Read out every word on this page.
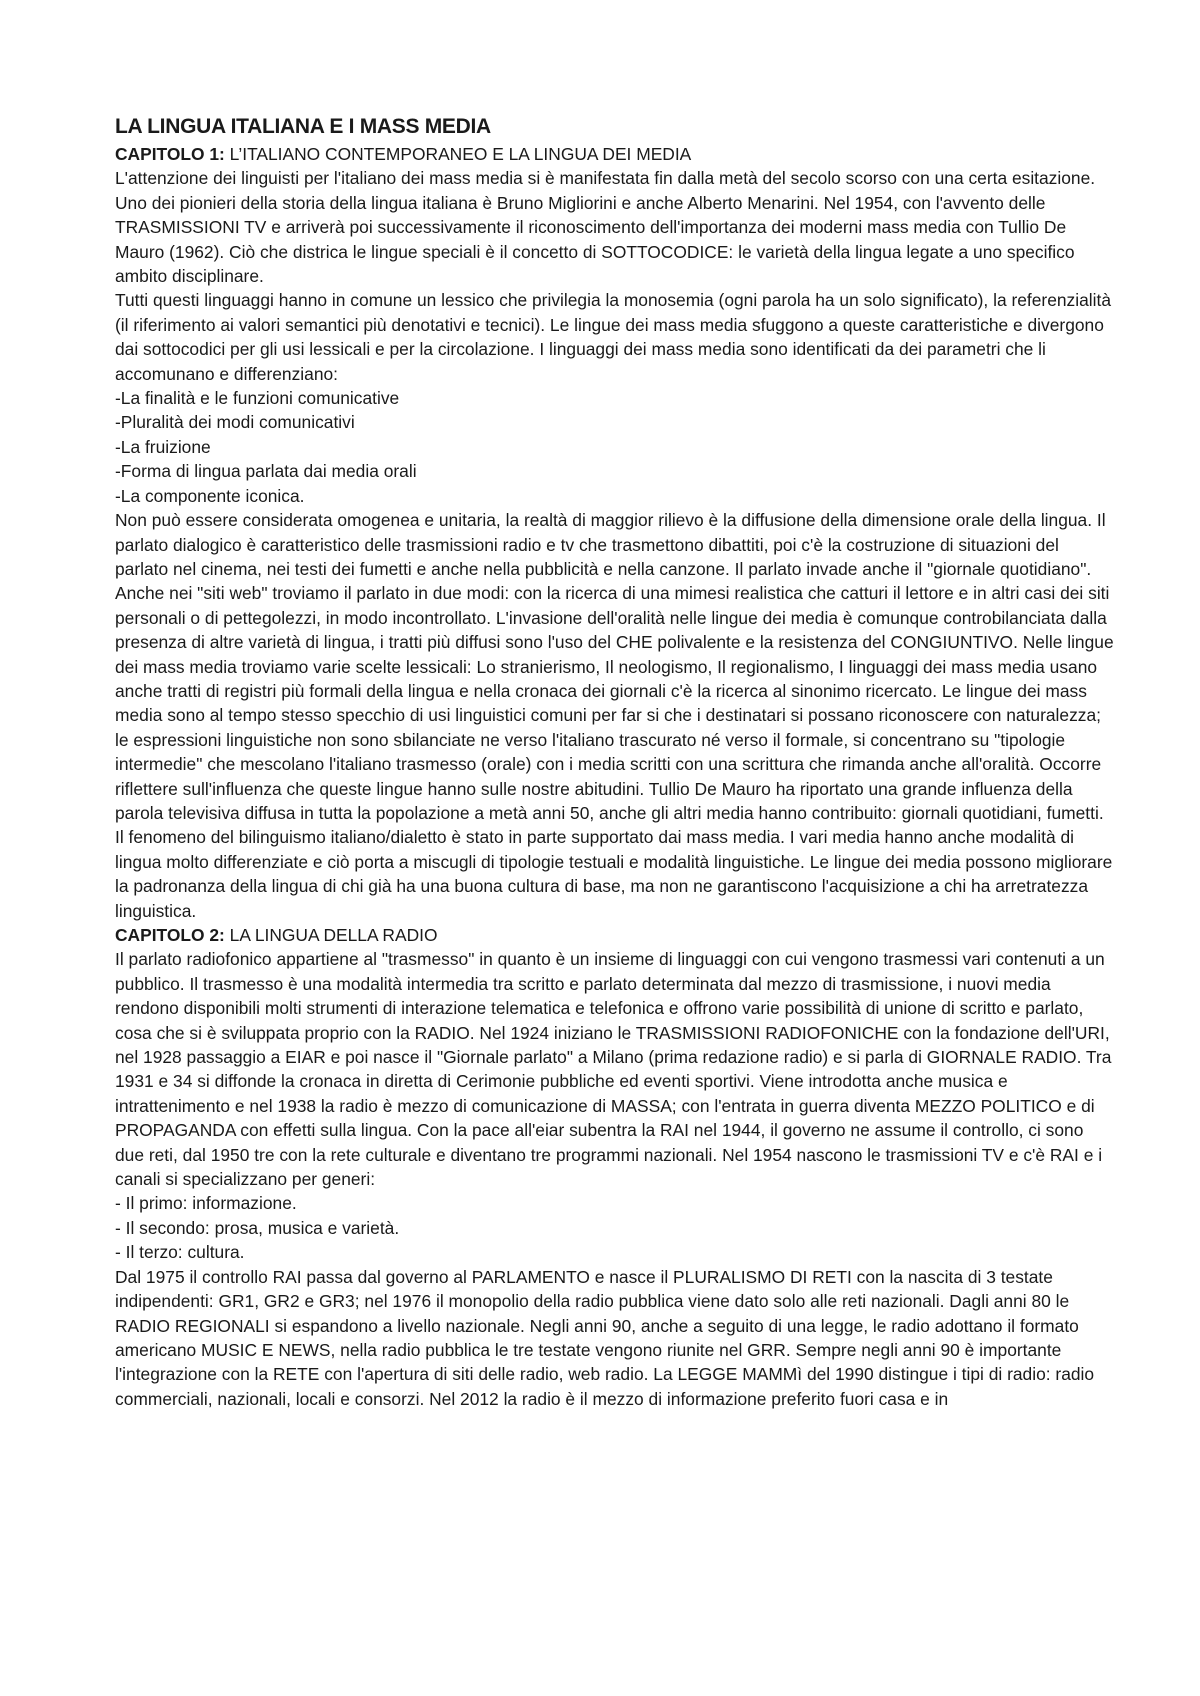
LA LINGUA ITALIANA E I MASS MEDIA
CAPITOLO 1: L’ITALIANO CONTEMPORANEO E LA LINGUA DEI MEDIA

L'attenzione dei linguisti per l'italiano dei mass media si è manifestata fin dalla metà del secolo scorso con una certa esitazione. Uno dei pionieri della storia della lingua italiana è Bruno Migliorini e anche Alberto Menarini. Nel 1954, con l'avvento delle TRASMISSIONI TV e arriverà poi successivamente il riconoscimento dell'importanza dei moderni mass media con Tullio De Mauro (1962). Ciò che districa le lingue speciali è il concetto di SOTTOCODICE: le varietà della lingua legate a uno specifico ambito disciplinare.

Tutti questi linguaggi hanno in comune un lessico che privilegia la monosemia (ogni parola ha un solo significato), la referenzialità (il riferimento ai valori semantici più denotativi e tecnici). Le lingue dei mass media sfuggono a queste caratteristiche e divergono dai sottocodici per gli usi lessicali e per la circolazione. I linguaggi dei mass media sono identificati da dei parametri che li accomunano e differenziano:

-La finalità e le funzioni comunicative
-Pluralità dei modi comunicativi
-La fruizione
-Forma di lingua parlata dai media orali
-La componente iconica.

Non può essere considerata omogenea e unitaria, la realtà di maggior rilievo è la diffusione della dimensione orale della lingua. Il parlato dialogico è caratteristico delle trasmissioni radio e tv che trasmettono dibattiti, poi c'è la costruzione di situazioni del parlato nel cinema, nei testi dei fumetti e anche nella pubblicità e nella canzone. Il parlato invade anche il "giornale quotidiano". Anche nei "siti web" troviamo il parlato in due modi: con la ricerca di una mimesi realistica che catturi il lettore e in altri casi dei siti personali o di pettegolezzi, in modo incontrollato. L'invasione dell'oralità nelle lingue dei media è comunque controbilanciata dalla presenza di altre varietà di lingua, i tratti più diffusi sono l'uso del CHE polivalente e la resistenza del CONGIUNTIVO. Nelle lingue dei mass media troviamo varie scelte lessicali: Lo stranierismo, Il neologismo, Il regionalismo, I linguaggi dei mass media usano anche tratti di registri più formali della lingua e nella cronaca dei giornali c'è la ricerca al sinonimo ricercato. Le lingue dei mass media sono al tempo stesso specchio di usi linguistici comuni per far si che i destinatari si possano riconoscere con naturalezza; le espressioni linguistiche non sono sbilanciate ne verso l'italiano trascurato né verso il formale, si concentrano su "tipologie intermedie" che mescolano l'italiano trasmesso (orale) con i media scritti con una scrittura che rimanda anche all'oralità. Occorre riflettere sull'influenza che queste lingue hanno sulle nostre abitudini. Tullio De Mauro ha riportato una grande influenza della parola televisiva diffusa in tutta la popolazione a metà anni 50, anche gli altri media hanno contribuito: giornali quotidiani, fumetti.

Il fenomeno del bilinguismo italiano/dialetto è stato in parte supportato dai mass media. I vari media hanno anche modalità di lingua molto differenziate e ciò porta a miscugli di tipologie testuali e modalità linguistiche. Le lingue dei media possono migliorare la padronanza della lingua di chi già ha una buona cultura di base, ma non ne garantiscono l'acquisizione a chi ha arretratezza linguistica.

CAPITOLO 2: LA LINGUA DELLA RADIO

Il parlato radiofonico appartiene al "trasmesso" in quanto è un insieme di linguaggi con cui vengono trasmessi vari contenuti a un pubblico. Il trasmesso è una modalità intermedia tra scritto e parlato determinata dal mezzo di trasmissione, i nuovi media rendono disponibili molti strumenti di interazione telematica e telefonica e offrono varie possibilità di unione di scritto e parlato, cosa che si è sviluppata proprio con la RADIO. Nel 1924 iniziano le TRASMISSIONI RADIOFONICHE con la fondazione dell'URI, nel 1928 passaggio a EIAR e poi nasce il "Giornale parlato" a Milano (prima redazione radio) e si parla di GIORNALE RADIO. Tra 1931 e 34 si diffonde la cronaca in diretta di Cerimonie pubbliche ed eventi sportivi. Viene introdotta anche musica e intrattenimento e nel 1938 la radio è mezzo di comunicazione di MASSA; con l'entrata in guerra diventa MEZZO POLITICO e di PROPAGANDA con effetti sulla lingua. Con la pace all'eiar subentra la RAI nel 1944, il governo ne assume il controllo, ci sono due reti, dal 1950 tre con la rete culturale e diventano tre programmi nazionali. Nel 1954 nascono le trasmissioni TV e c'è RAI e i canali si specializzano per generi:

- Il primo: informazione.
- Il secondo: prosa, musica e varietà.
- Il terzo: cultura.

Dal 1975 il controllo RAI passa dal governo al PARLAMENTO e nasce il PLURALISMO DI RETI con la nascita di 3 testate indipendenti: GR1, GR2 e GR3; nel 1976 il monopolio della radio pubblica viene dato solo alle reti nazionali. Dagli anni 80 le RADIO REGIONALI si espandono a livello nazionale. Negli anni 90, anche a seguito di una legge, le radio adottano il formato americano MUSIC E NEWS, nella radio pubblica le tre testate vengono riunite nel GRR. Sempre negli anni 90 è importante l'integrazione con la RETE con l'apertura di siti delle radio, web radio. La LEGGE MAMMì del 1990 distingue i tipi di radio: radio commerciali, nazionali, locali e consorzi. Nel 2012 la radio è il mezzo di informazione preferito fuori casa e in
